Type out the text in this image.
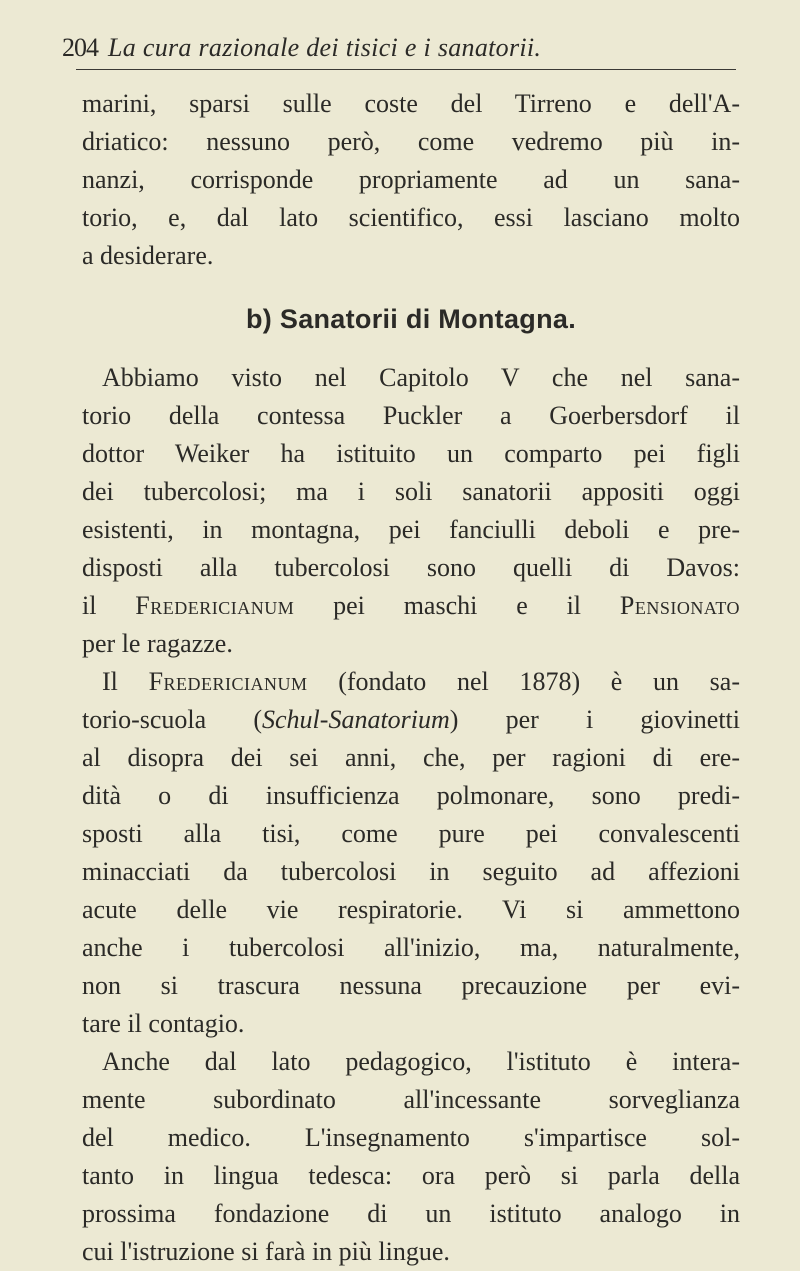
204 La cura razionale dei tisici e i sanatorii.
marini, sparsi sulle coste del Tirreno e dell'A-
driatico: nessuno però, come vedremo più in-
nanzi, corrisponde propriamente ad un sana-
torio, e, dal lato scientifico, essi lasciano molto
a desiderare.
b) Sanatorii di Montagna.
Abbiamo visto nel Capitolo V che nel sana-
torio della contessa Puckler a Goerbersdorf il
dottor Weiker ha istituito un comparto pei figli
dei tubercolosi; ma i soli sanatorii appositi oggi
esistenti, in montagna, pei fanciulli deboli e pre-
disposti alla tubercolosi sono quelli di Davos:
il Fredericianum pei maschi e il Pensionato
per le ragazze.
Il Fredericianum (fondato nel 1878) è un sa-
torio-scuola (Schul-Sanatorium) per i giovinetti
al disopra dei sei anni, che, per ragioni di ere-
dità o di insufficienza polmonare, sono predi-
sposti alla tisi, come pure pei convalescenti
minacciati da tubercolosi in seguito ad affezioni
acute delle vie respiratorie. Vi si ammettono
anche i tubercolosi all'inizio, ma, naturalmente,
non si trascura nessuna precauzione per evi-
tare il contagio.
Anche dal lato pedagogico, l'istituto è intera-
mente subordinato all'incessante sorveglianza
del medico. L'insegnamento s'impartisce sol-
tanto in lingua tedesca: ora però si parla della
prossima fondazione di un istituto analogo in
cui l'istruzione si farà in più lingue.
